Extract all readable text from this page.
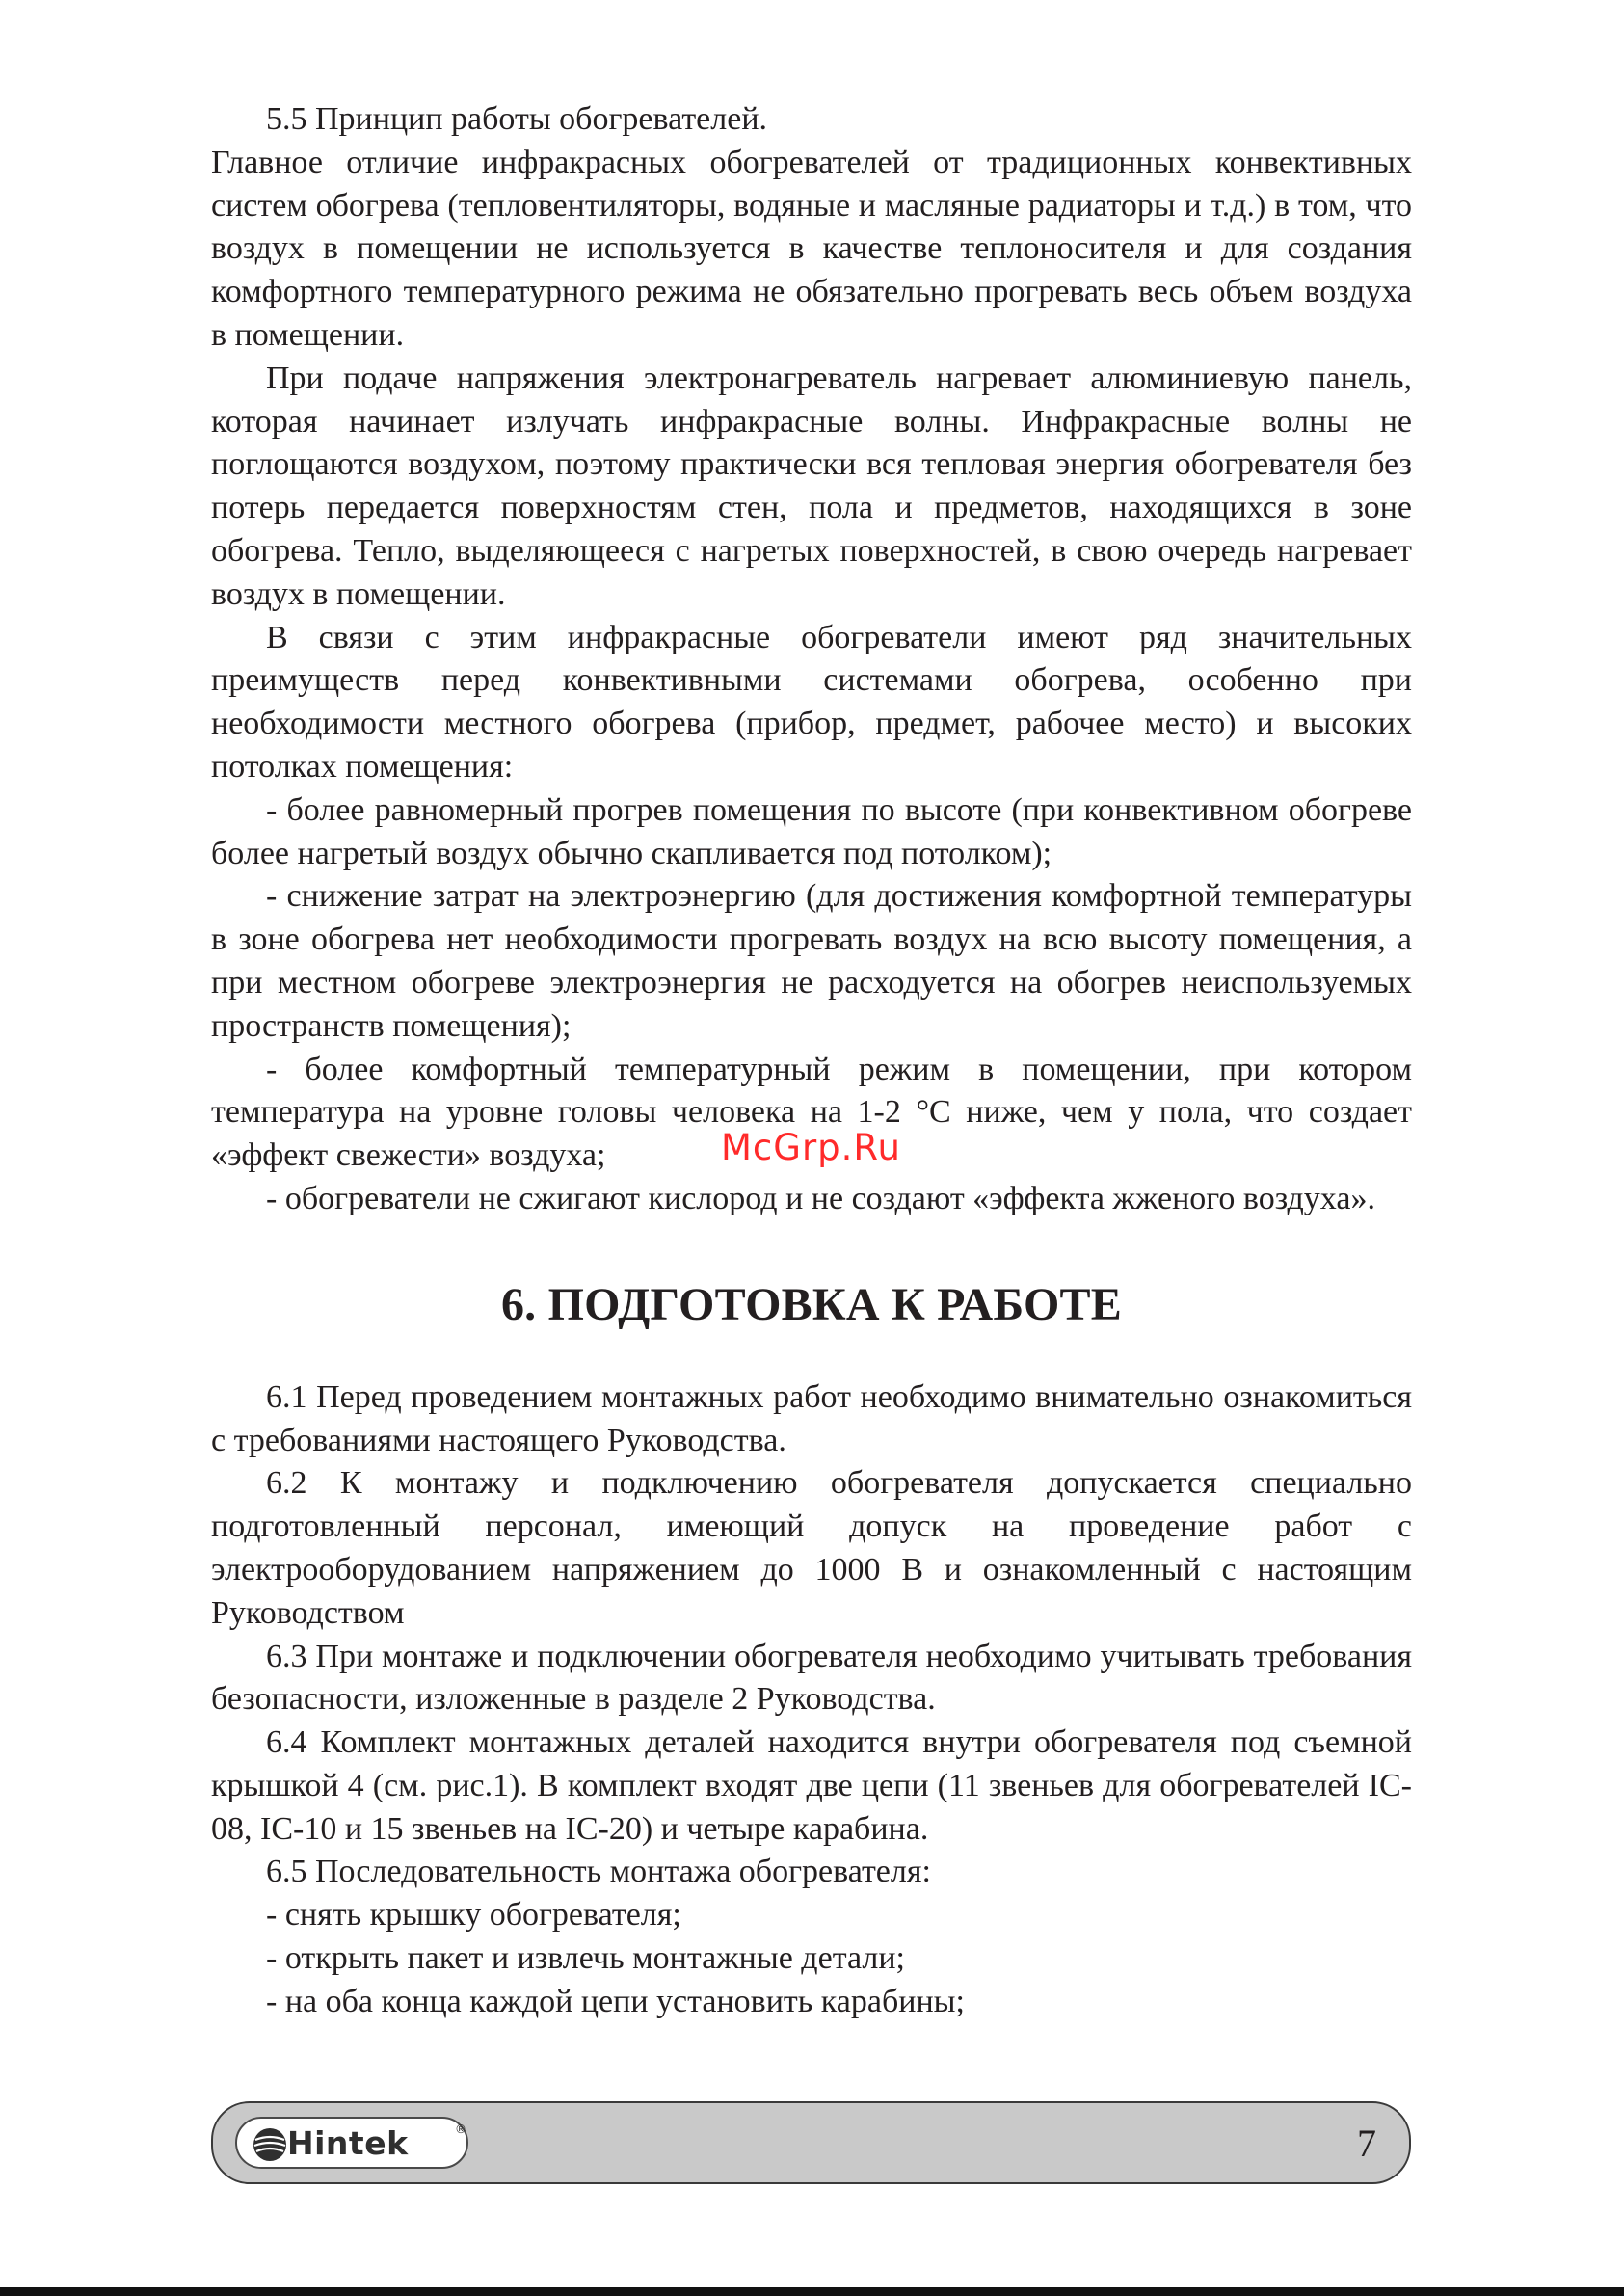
5.5 Принцип работы обогревателей.

Главное отличие инфракрасных обогревателей от традиционных конвективных систем обогрева (тепловентиляторы, водяные и масляные радиаторы и т.д.) в том, что воздух в помещении не используется в качестве теплоносителя и для создания комфортного температурного режима не обязательно прогревать весь объем воздуха в помещении.

При подаче напряжения электронагреватель нагревает алюминиевую панель, которая начинает излучать инфракрасные волны. Инфракрасные волны не поглощаются воздухом, поэтому практически вся тепловая энергия обогревателя без потерь передается поверхностям стен, пола и предметов, находящихся в зоне обогрева. Тепло, выделяющееся с нагретых поверхностей, в свою очередь нагревает воздух в помещении.

В связи с этим инфракрасные обогреватели имеют ряд значительных преимуществ перед конвективными системами обогрева, особенно при необходимости местного обогрева (прибор, предмет, рабочее место) и высоких потолках помещения:

- более равномерный прогрев помещения по высоте (при конвективном обогреве более нагретый воздух обычно скапливается под потолком);

- снижение затрат на электроэнергию (для достижения комфортной температуры в зоне обогрева нет необходимости прогревать воздух на всю высоту помещения, а при местном обогреве электроэнергия не расходуется на обогрев неиспользуемых пространств помещения);

- более комфортный температурный режим в помещении, при котором температура на уровне головы человека на 1-2 °С ниже, чем у пола, что создает «эффект свежести» воздуха;

- обогреватели не сжигают кислород и не создают «эффекта жженого воздуха».

6. ПОДГОТОВКА К РАБОТЕ

6.1 Перед проведением монтажных работ необходимо внимательно ознакомиться с требованиями настоящего Руководства.

6.2 К монтажу и подключению обогревателя допускается специально подготовленный персонал, имеющий допуск на проведение работ с электрооборудованием напряжением до 1000 В и ознакомленный с настоящим Руководством

6.3 При монтаже и подключении обогревателя необходимо учитывать требования безопасности, изложенные в разделе 2 Руководства.

6.4 Комплект монтажных деталей находится внутри обогревателя под съемной крышкой 4 (см. рис.1). В комплект входят две цепи (11 звеньев для обогревателей IC-08, IC-10 и 15 звеньев на IC-20) и четыре карабина.

6.5 Последовательность монтажа обогревателя:

- снять крышку обогревателя;

- открыть пакет и извлечь монтажные детали;

- на оба конца каждой цепи установить карабины;

McGrp.Ru
Hintek	®	7
